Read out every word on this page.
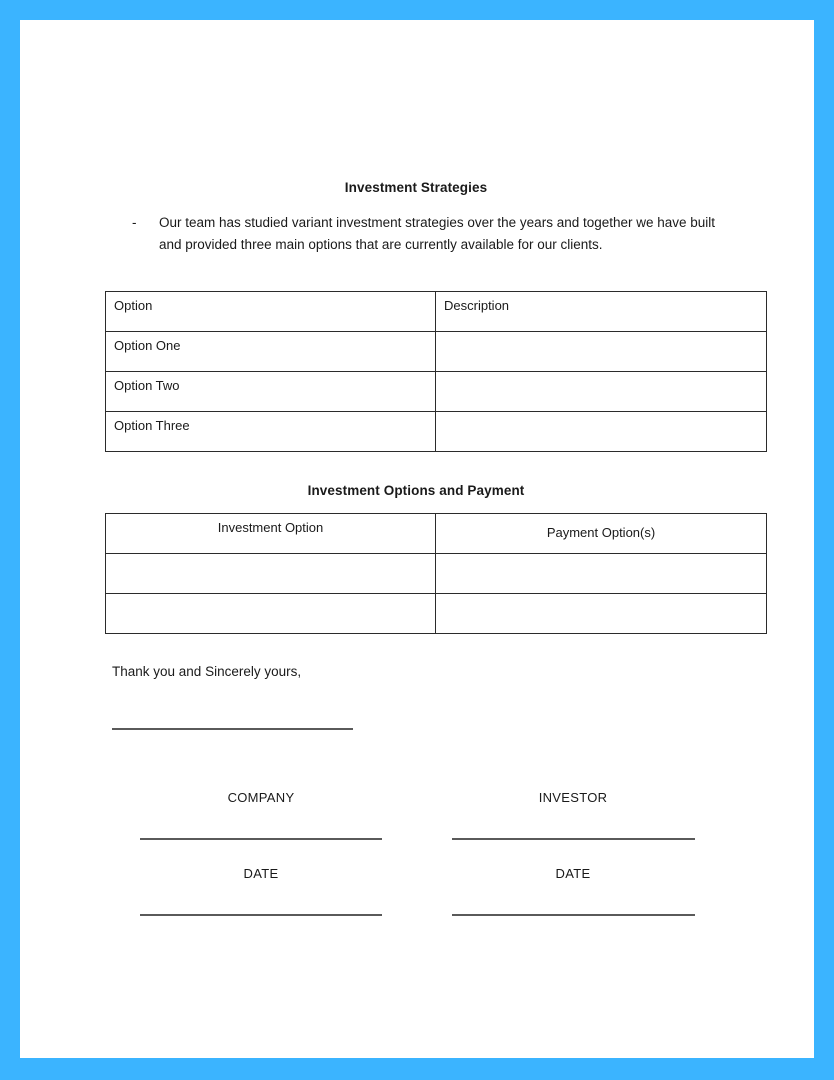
Investment Strategies
- Our team has studied variant investment strategies over the years and together we have built and provided three main options that are currently available for our clients.
Option	Description
Option One	
Option Two	
Option Three	
Investment Options and Payment
Investment Option	Payment Option(s)

Thank you and Sincerely yours,
COMPANY
DATE
INVESTOR
DATE
